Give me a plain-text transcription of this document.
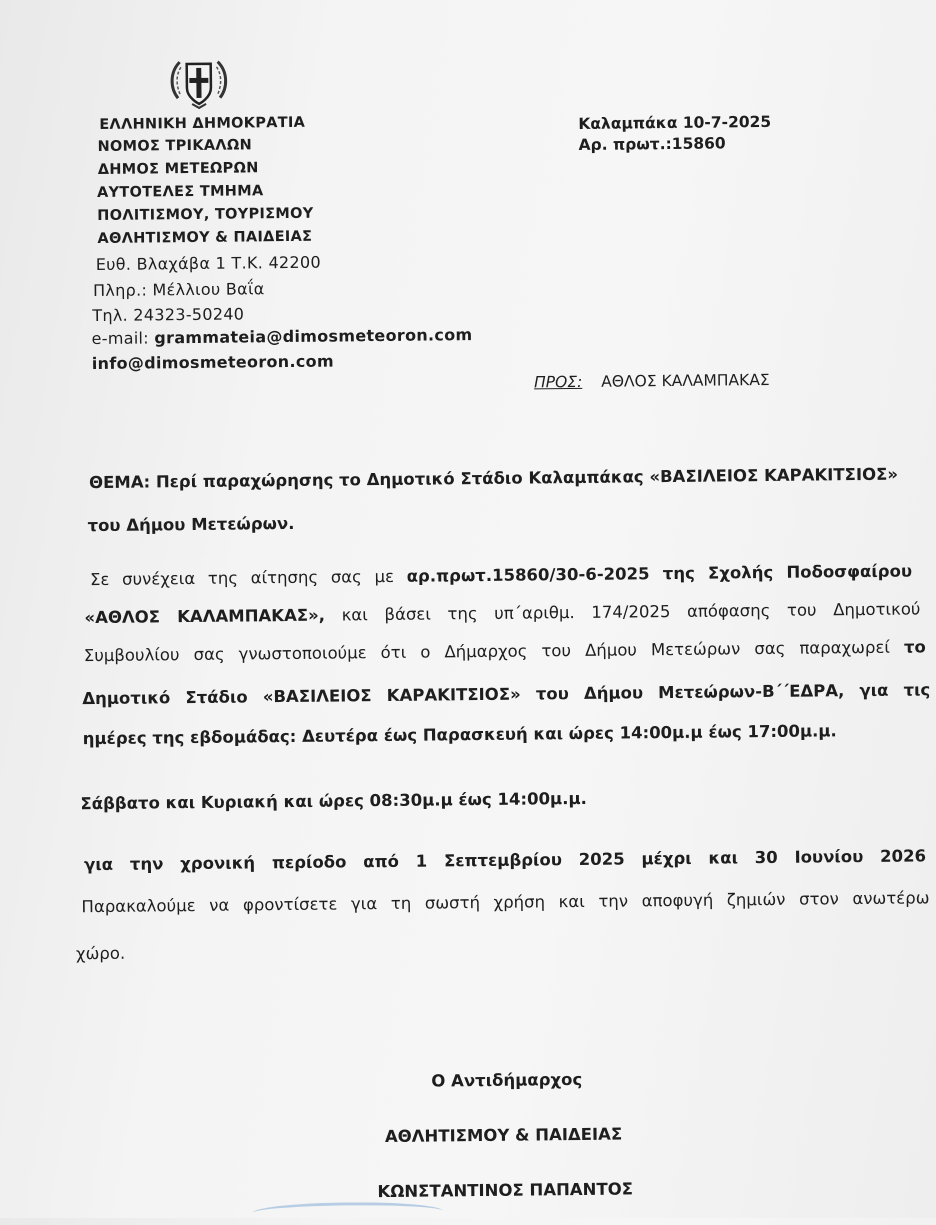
ΕΛΛΗΝΙΚΗ ΔΗΜΟΚΡΑΤΙΑ
ΝΟΜΟΣ ΤΡΙΚΑΛΩΝ
ΔΗΜΟΣ ΜΕΤΕΩΡΩΝ
ΑΥΤΟΤΕΛΕΣ ΤΜΗΜΑ
ΠΟΛΙΤΙΣΜΟΥ, ΤΟΥΡΙΣΜΟΥ
ΑΘΛΗΤΙΣΜΟΥ & ΠΑΙΔΕΙΑΣ
Ευθ. Βλαχάβα 1 Τ.Κ. 42200
Πληρ.: Μέλλιου Βαΐα
Τηλ. 24323-50240
e-mail: grammateia@dimosmeteoron.com
info@dimosmeteoron.com
Καλαμπάκα 10-7-2025
Αρ. πρωτ.:15860
ΠΡΟΣ: ΑΘΛΟΣ ΚΑΛΑΜΠΑΚΑΣ
ΘΕΜΑ: Περί παραχώρησης το Δημοτικό Στάδιο Καλαμπάκας «ΒΑΣΙΛΕΙΟΣ ΚΑΡΑΚΙΤΣΙΟΣ»
του Δήμου Μετεώρων.
Σε συνέχεια της αίτησης σας με αρ.πρωτ.15860/30-6-2025 της Σχολής Ποδοσφαίρου
«ΑΘΛΟΣ ΚΑΛΑΜΠΑΚΑΣ», και βάσει της υπ΄αριθμ. 174/2025 απόφασης του Δημοτικού
Συμβουλίου σας γνωστοποιούμε ότι ο Δήμαρχος του Δήμου Μετεώρων σας παραχωρεί το
Δημοτικό Στάδιο «ΒΑΣΙΛΕΙΟΣ ΚΑΡΑΚΙΤΣΙΟΣ» του Δήμου Μετεώρων-Β΄΄ΕΔΡΑ, για τις
ημέρες της εβδομάδας: Δευτέρα έως Παρασκευή και ώρες 14:00μ.μ έως 17:00μ.μ.
Σάββατο και Κυριακή και ώρες 08:30μ.μ έως 14:00μ.μ.
για την χρονική περίοδο από 1 Σεπτεμβρίου 2025 μέχρι και 30 Ιουνίου 2026
Παρακαλούμε να φροντίσετε για τη σωστή χρήση και την αποφυγή ζημιών στον ανωτέρω
χώρο.
Ο Αντιδήμαρχος
ΑΘΛΗΤΙΣΜΟΥ & ΠΑΙΔΕΙΑΣ
ΚΩΝΣΤΑΝΤΙΝΟΣ ΠΑΠΑΝΤΟΣ
